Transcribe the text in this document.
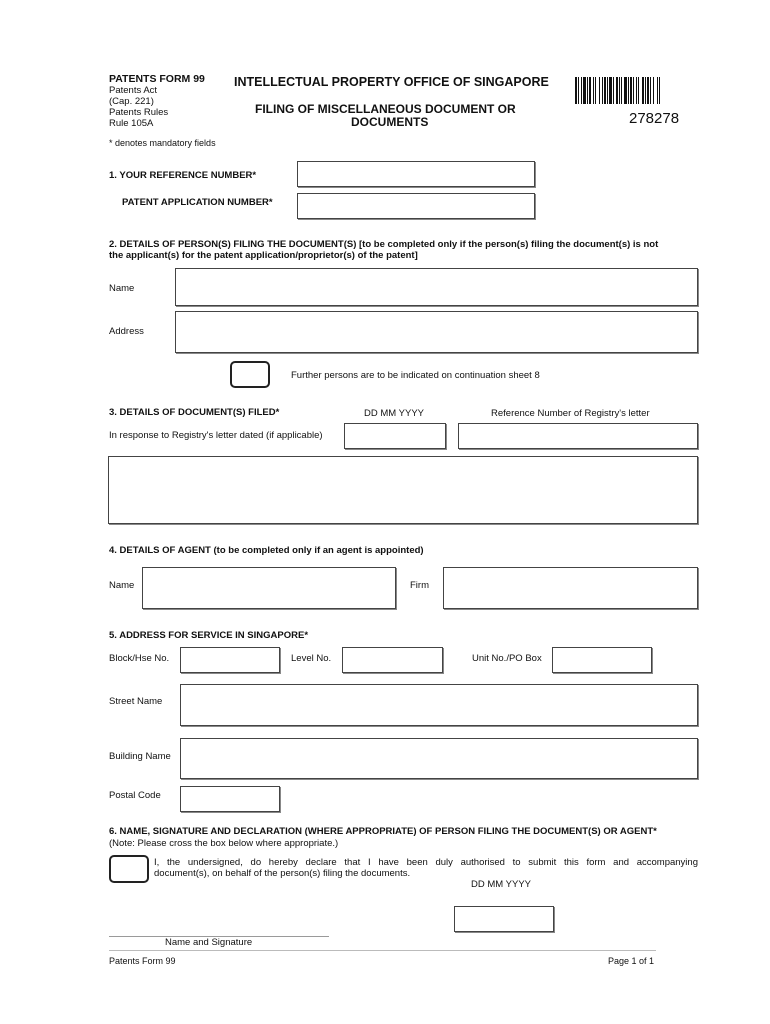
PATENTS FORM 99
Patents Act
(Cap. 221)
Patents Rules
Rule 105A
INTELLECTUAL PROPERTY OFFICE OF SINGAPORE
FILING OF MISCELLANEOUS DOCUMENT OR
DOCUMENTS	278278
* denotes mandatory fields
1. YOUR REFERENCE NUMBER*
PATENT APPLICATION NUMBER*
2. DETAILS OF PERSON(S) FILING THE DOCUMENT(S) [to be completed only if the person(s) filing the document(s) is not
the applicant(s) for the patent application/proprietor(s) of the patent]
Name
Address
Further persons are to be indicated on continuation sheet 8
3. DETAILS OF DOCUMENT(S) FILED*	DD MM YYYY	Reference Number of Registry's letter
In response to Registry's letter dated (if applicable)
4. DETAILS OF AGENT (to be completed only if an agent is appointed)
Name	Firm
5. ADDRESS FOR SERVICE IN SINGAPORE*
Block/Hse No.	Level No.	Unit No./PO Box
Street Name
Building Name
Postal Code
6. NAME, SIGNATURE AND DECLARATION (WHERE APPROPRIATE) OF PERSON FILING THE DOCUMENT(S) OR AGENT*
(Note: Please cross the box below where appropriate.)
I, the undersigned, do hereby declare that I have been duly authorised to submit this form and accompanying
document(s), on behalf of the person(s) filing the documents.
DD MM YYYY
Name and Signature
Patents Form 99	Page 1 of 1
